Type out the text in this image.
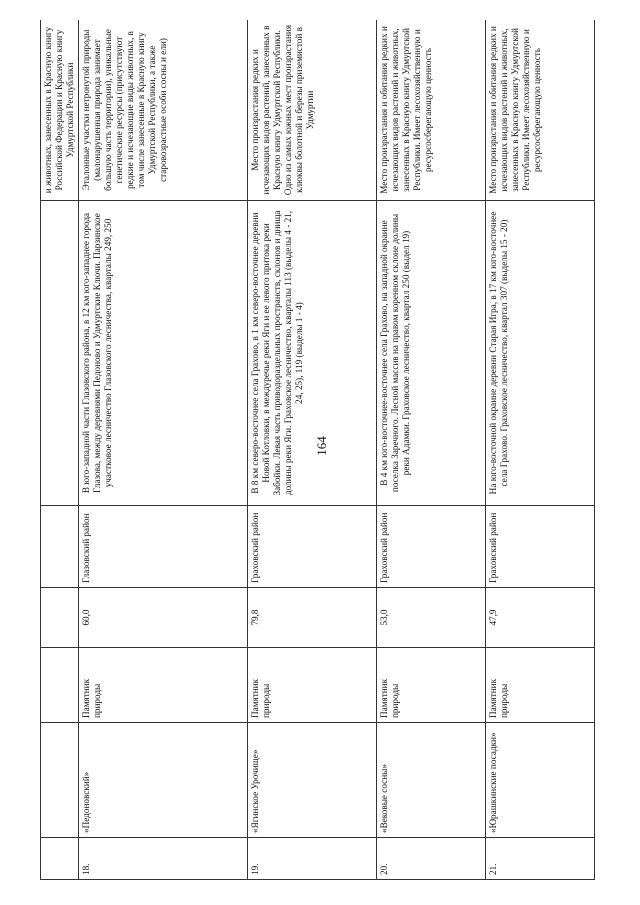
164
						и животных, занесенных в Красную книгу Российской Федерации и Красную книгу Удмуртской Республики
18.	«Педоновский»	Памятник природы	60,0	Глазовский район	В юго-западной части Глазовского района, в 12 км юго-западнее города Глазова, между деревнями Педоново и Удмуртские Ключи. Парзинское участковое лесничество Глазовского лесничества, кварталы 249, 250	Эталонные участки нетронутой природы (малонарушенная природа занимает большую часть территории), уникальные генетические ресурсы (присутствуют редкие и исчезающие виды животных, в том числе занесенные в Красную книгу Удмуртской Республики, а также старовозрастные особи сосны и ели)
19.	«Ягинское Урочище»	Памятник природы	79,8	Граховский район	В 8 км северо-восточнее села Грахово, в 1 км северо-восточнее деревни Новой Котловки, в междуречье реки Яги и ее левого притока реки Забойки. Левая часть приводораздельных пространств, склонов и днища долины реки Яги. Граховское лесничество, кварталы 113 (выделы 4 - 21, 24, 25), 119 (выделы 1 - 4)	Место произрастания редких и исчезающих видов растений, занесенных в Красную книгу Удмуртской Республики. Одно из самых южных мест произрастания клюквы болотной и березы приземистой в Удмуртии
20.	«Вековые сосны»	Памятник природы	53,0	Граховский район	В 4 км юго-восточнее-восточнее села Грахово, на западной окраине поселка Заречного. Лесной массив на правом коренном склоне долины реки Адамки. Граховское лесничество, квартал 250 (выдел 19)	Место произрастания и обитания редких и исчезающих видов растений и животных, занесенных в Красную книгу Удмуртской Республики. Имеет лесохозяйственную и ресурсосберегающую ценность
21.	«Юрашкинские посадки»	Памятник природы	47,9	Граховский район	На юго-восточной окраине деревни Старая Игра, в 17 км юго-восточнее села Грахово. Граховское лесничество, квартал 307 (выделы 15 - 20)	Место произрастания и обитания редких и исчезающих видов растений и животных, занесенных в Красную книгу Удмуртской Республики. Имеет лесохозяйственную и ресурсосберегающую ценность
